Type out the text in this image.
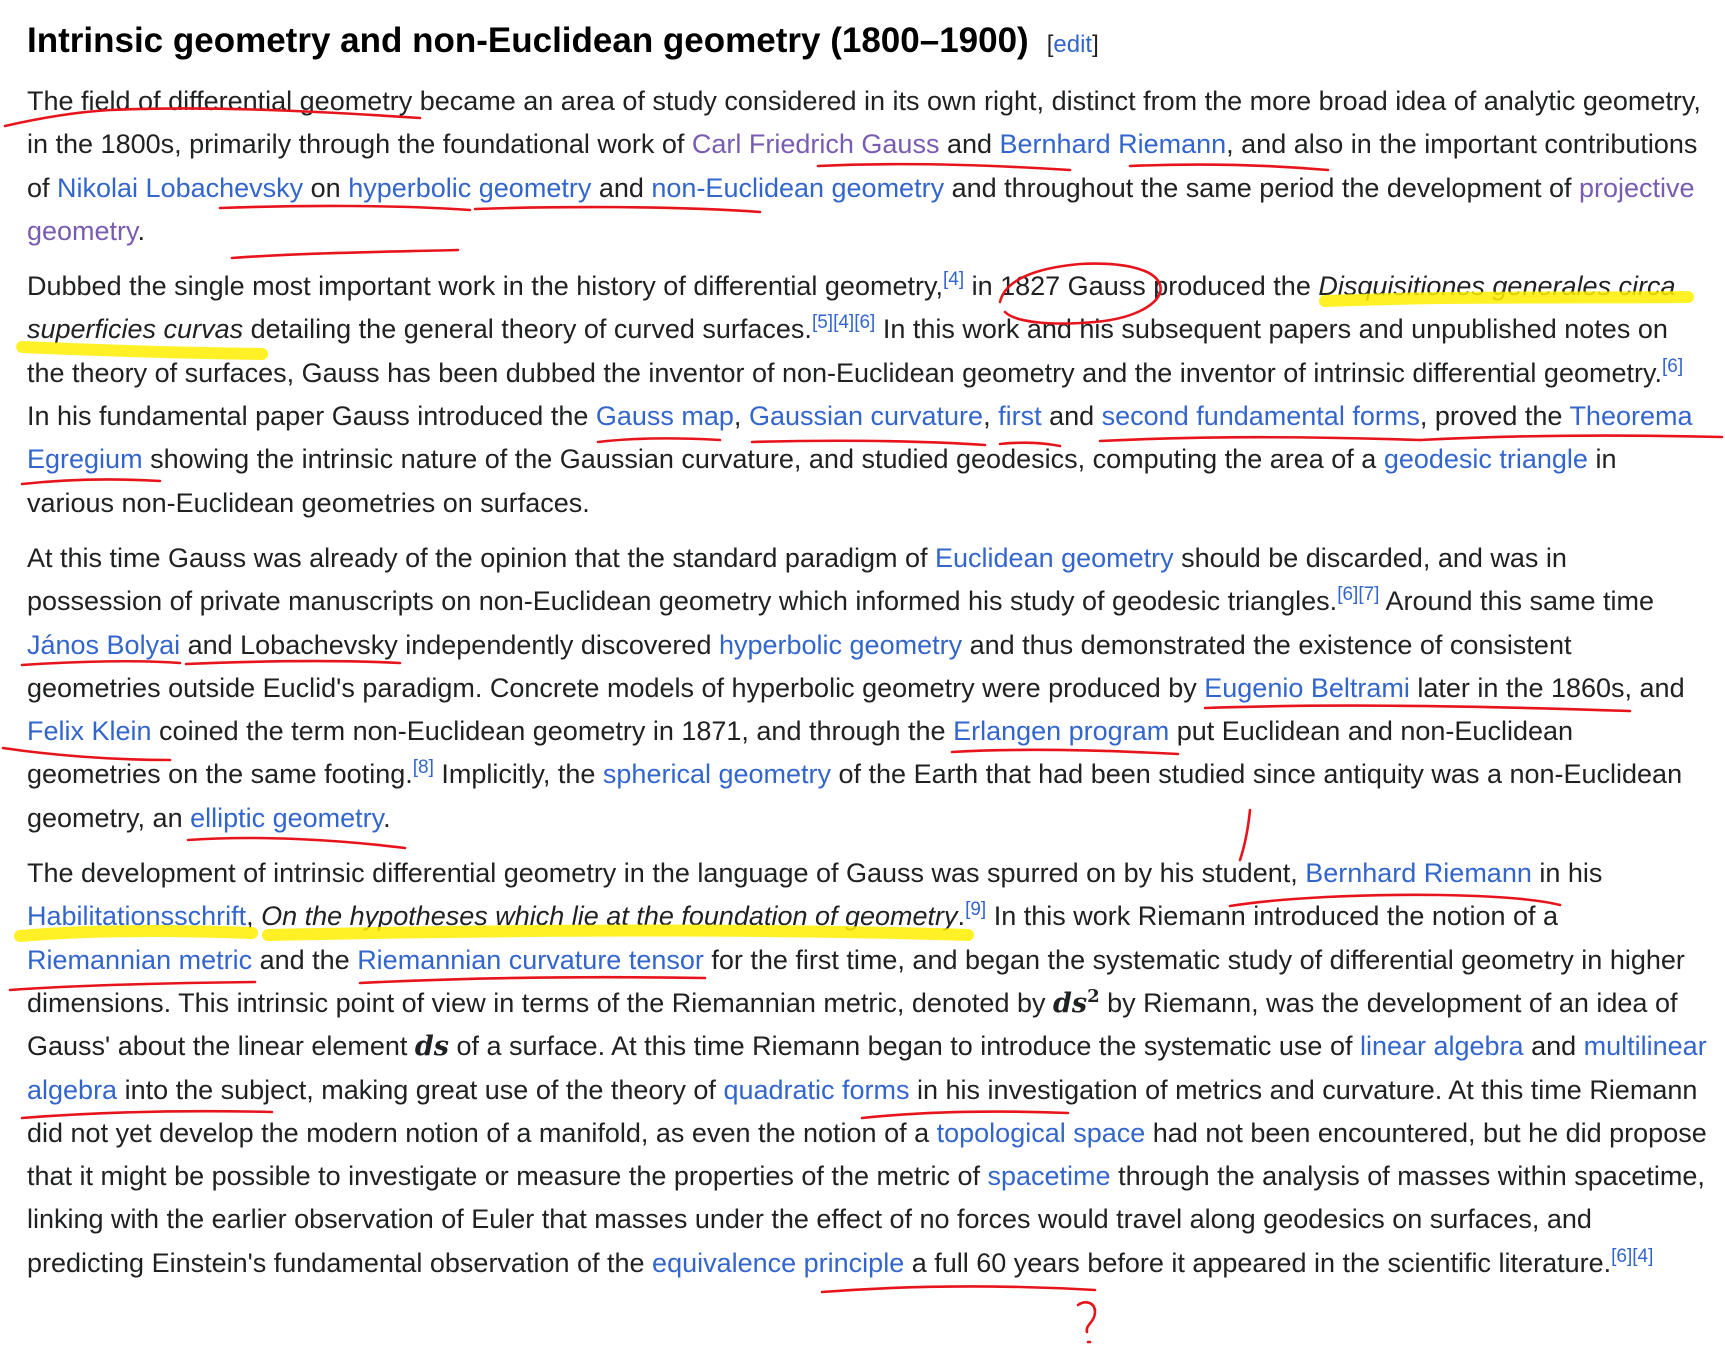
Intrinsic geometry and non-Euclidean geometry (1800–1900) [edit]

The field of differential geometry became an area of study considered in its own right, distinct from the more broad idea of analytic geometry, in the 1800s, primarily through the foundational work of Carl Friedrich Gauss and Bernhard Riemann, and also in the important contributions of Nikolai Lobachevsky on hyperbolic geometry and non-Euclidean geometry and throughout the same period the development of projective geometry.

Dubbed the single most important work in the history of differential geometry,[4] in 1827 Gauss produced the Disquisitiones generales circa superficies curvas detailing the general theory of curved surfaces.[5][4][6] In this work and his subsequent papers and unpublished notes on the theory of surfaces, Gauss has been dubbed the inventor of non-Euclidean geometry and the inventor of intrinsic differential geometry.[6] In his fundamental paper Gauss introduced the Gauss map, Gaussian curvature, first and second fundamental forms, proved the Theorema Egregium showing the intrinsic nature of the Gaussian curvature, and studied geodesics, computing the area of a geodesic triangle in various non-Euclidean geometries on surfaces.

At this time Gauss was already of the opinion that the standard paradigm of Euclidean geometry should be discarded, and was in possession of private manuscripts on non-Euclidean geometry which informed his study of geodesic triangles.[6][7] Around this same time János Bolyai and Lobachevsky independently discovered hyperbolic geometry and thus demonstrated the existence of consistent geometries outside Euclid's paradigm. Concrete models of hyperbolic geometry were produced by Eugenio Beltrami later in the 1860s, and Felix Klein coined the term non-Euclidean geometry in 1871, and through the Erlangen program put Euclidean and non-Euclidean geometries on the same footing.[8] Implicitly, the spherical geometry of the Earth that had been studied since antiquity was a non-Euclidean geometry, an elliptic geometry.

The development of intrinsic differential geometry in the language of Gauss was spurred on by his student, Bernhard Riemann in his Habilitationsschrift, On the hypotheses which lie at the foundation of geometry.[9] In this work Riemann introduced the notion of a Riemannian metric and the Riemannian curvature tensor for the first time, and began the systematic study of differential geometry in higher dimensions. This intrinsic point of view in terms of the Riemannian metric, denoted by $ds^2$ by Riemann, was the development of an idea of Gauss' about the linear element ds of a surface. At this time Riemann began to introduce the systematic use of linear algebra and multilinear algebra into the subject, making great use of the theory of quadratic forms in his investigation of metrics and curvature. At this time Riemann did not yet develop the modern notion of a manifold, as even the notion of a topological space had not been encountered, but he did propose that it might be possible to investigate or measure the properties of the metric of spacetime through the analysis of masses within spacetime, linking with the earlier observation of Euler that masses under the effect of no forces would travel along geodesics on surfaces, and predicting Einstein's fundamental observation of the equivalence principle a full 60 years before it appeared in the scientific literature.[6][4]
